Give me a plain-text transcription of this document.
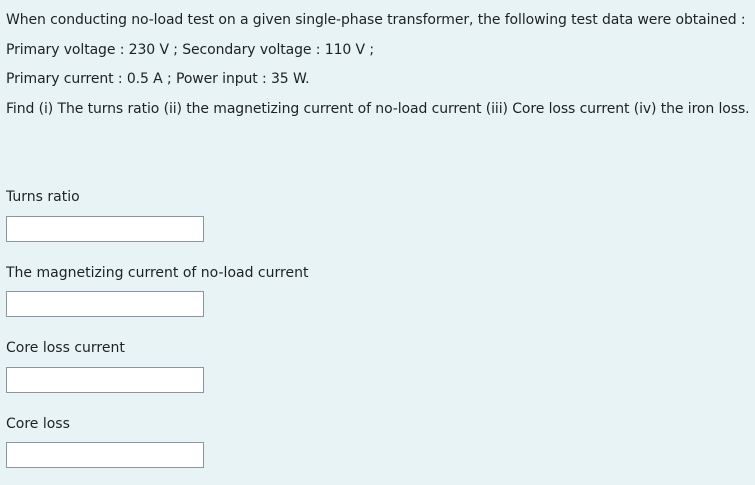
When conducting no-load test on a given single-phase transformer, the following test data were obtained :
Primary voltage : 230 V ; Secondary voltage : 110 V ;
Primary current : 0.5 A ; Power input : 35 W.
Find (i) The turns ratio (ii) the magnetizing current of no-load current (iii) Core loss current (iv) the iron loss.
Turns ratio
The magnetizing current of no-load current
Core loss current
Core loss
